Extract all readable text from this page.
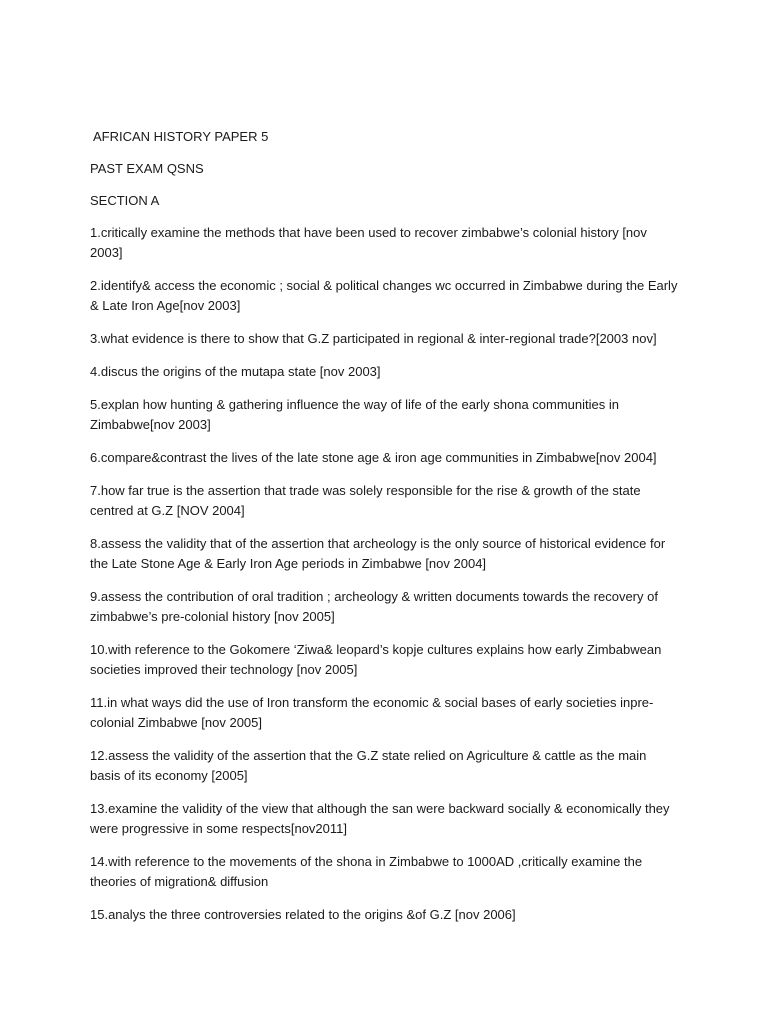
AFRICAN HISTORY PAPER 5

PAST EXAM QSNS

SECTION A

1.critically examine the methods that have been used to recover zimbabwe’s colonial history [nov 2003]
2.identify& access the economic ; social & political changes wc occurred in Zimbabwe during the Early & Late Iron Age[nov 2003]
3.what evidence is there to show that G.Z participated in regional & inter-regional trade?[2003 nov]
4.discus the origins of the mutapa state [nov 2003]
5.explan how hunting & gathering influence the way of life of the early shona communities in Zimbabwe[nov 2003]
6.compare&contrast the lives of the late stone age & iron age communities in Zimbabwe[nov 2004]
7.how far true is the assertion that trade was solely responsible for the rise & growth of the state centred at G.Z [NOV 2004]
8.assess the validity that of the assertion that archeology is the only source of historical evidence for the Late Stone Age & Early Iron Age periods in Zimbabwe [nov 2004]
9.assess the contribution of oral tradition ; archeology & written documents towards the recovery of zimbabwe’s pre-colonial history [nov 2005]
10.with reference to the Gokomere ‘Ziwa& leopard’s kopje cultures explains how early Zimbabwean societies improved their technology [nov 2005]
11.in what ways did the use of Iron transform the economic & social bases of early societies inpre-colonial Zimbabwe [nov 2005]
12.assess the validity of the assertion that the G.Z state relied on Agriculture & cattle as the main basis of its economy [2005]
13.examine the validity of the view that although the san were backward socially & economically they were progressive in some respects[nov2011]
14.with reference to the movements of the shona in Zimbabwe to 1000AD ,critically examine the theories of migration& diffusion
15.analys the three controversies related to the origins &of G.Z [nov 2006]
